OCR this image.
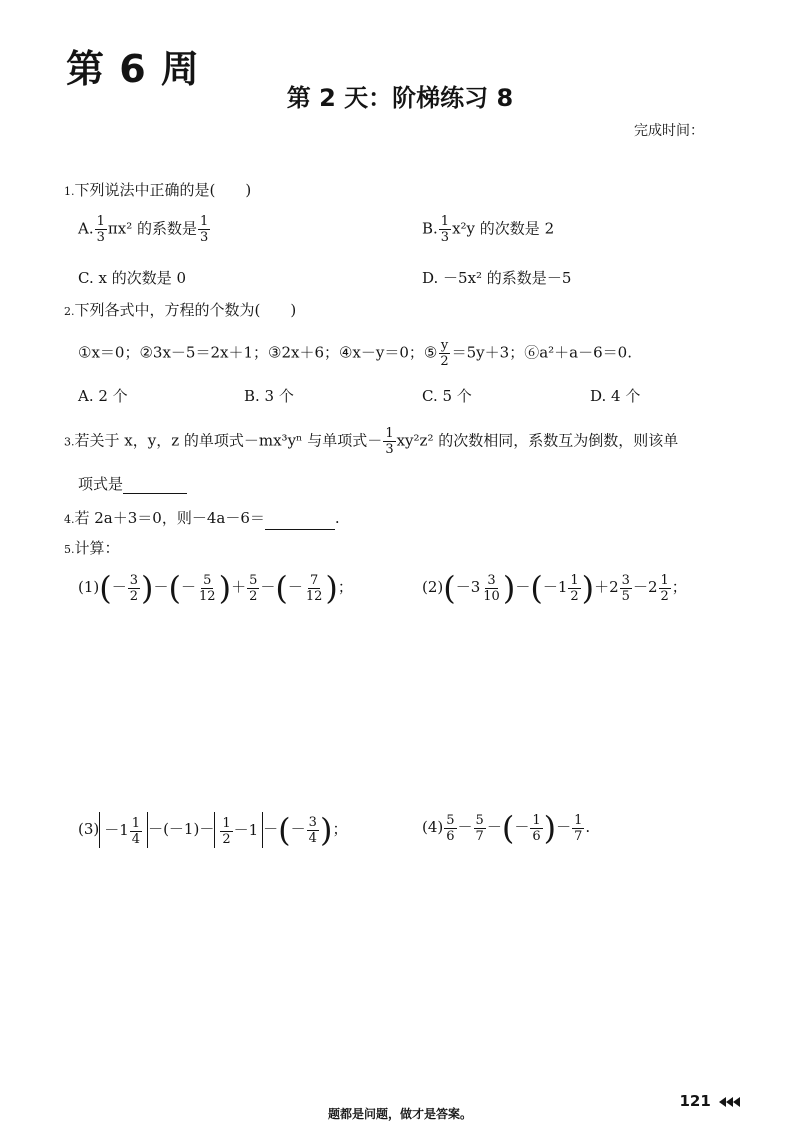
第 6 周
第 2 天：阶梯练习 8
完成时间：
1.下列说法中正确的是(　　)
A. $\frac{1}{3} \pi x^2$ 的系数是 $\frac{1}{3}$	B. $\frac{1}{3} x^2y$ 的次数是 2
C. x 的次数是 0	D. －5x² 的系数是－5
2.下列各式中，方程的个数为(　　)
①x＝0；②3x－5＝2x＋1；③2x＋6；④x－y＝0；⑤ $\frac{y}{2} =5y+3$；⑥a²＋a－6＝0.
A. 2 个	B. 3 个	C. 5 个	D. 4 个
3.若关于 x，y，z 的单项式－mx³yⁿ 与单项式－ $\frac{1}{3} xy^2z^2$ 的次数相同，系数互为倒数，则该单
项式是
4.若 2a＋3＝0，则－4a－6＝	.
5.计算：
$(1)(- \frac{3}{2}$ )－(－ $\frac{5}{12}$ )＋ $\frac{5}{2}$ －(－ $\frac{7}{12}$ )；	$(2)(-3 \frac{3}{10} )-(-1 \frac{1}{2} )+2 \frac{3}{5} -2 \frac{1}{2}$ ；
$(3) -1 \frac{1}{4} -(-1)- \frac{1}{2} -1$ －(－ $\frac{3}{4}$ )；	$(4) \frac{5}{6} - \frac{5}{7}$ －(－ $\frac{1}{6}$ )－ $\frac{1}{7}$ .
121
题都是问题，做才是答案。
